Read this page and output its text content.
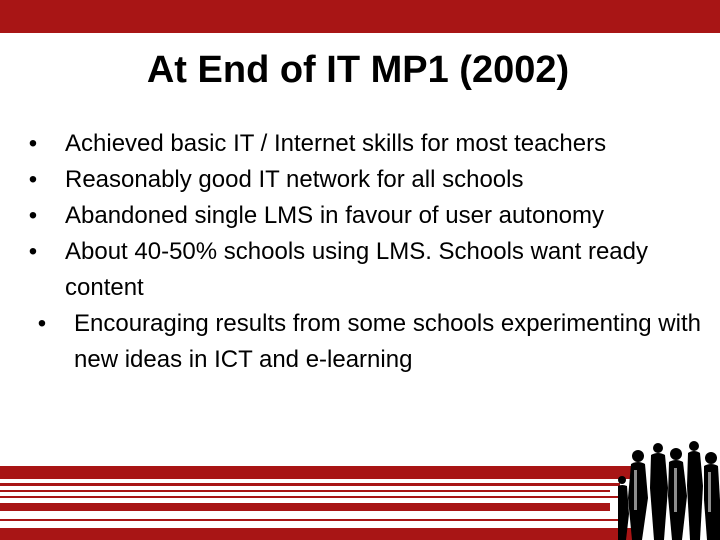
At End of IT MP1 (2002)
• Achieved basic IT / Internet skills for most teachers
• Reasonably good IT network for all schools
• Abandoned single LMS in favour of user autonomy
• About 40-50% schools using LMS. Schools want ready content
• Encouraging results from some schools experimenting with new ideas in ICT and e-learning
